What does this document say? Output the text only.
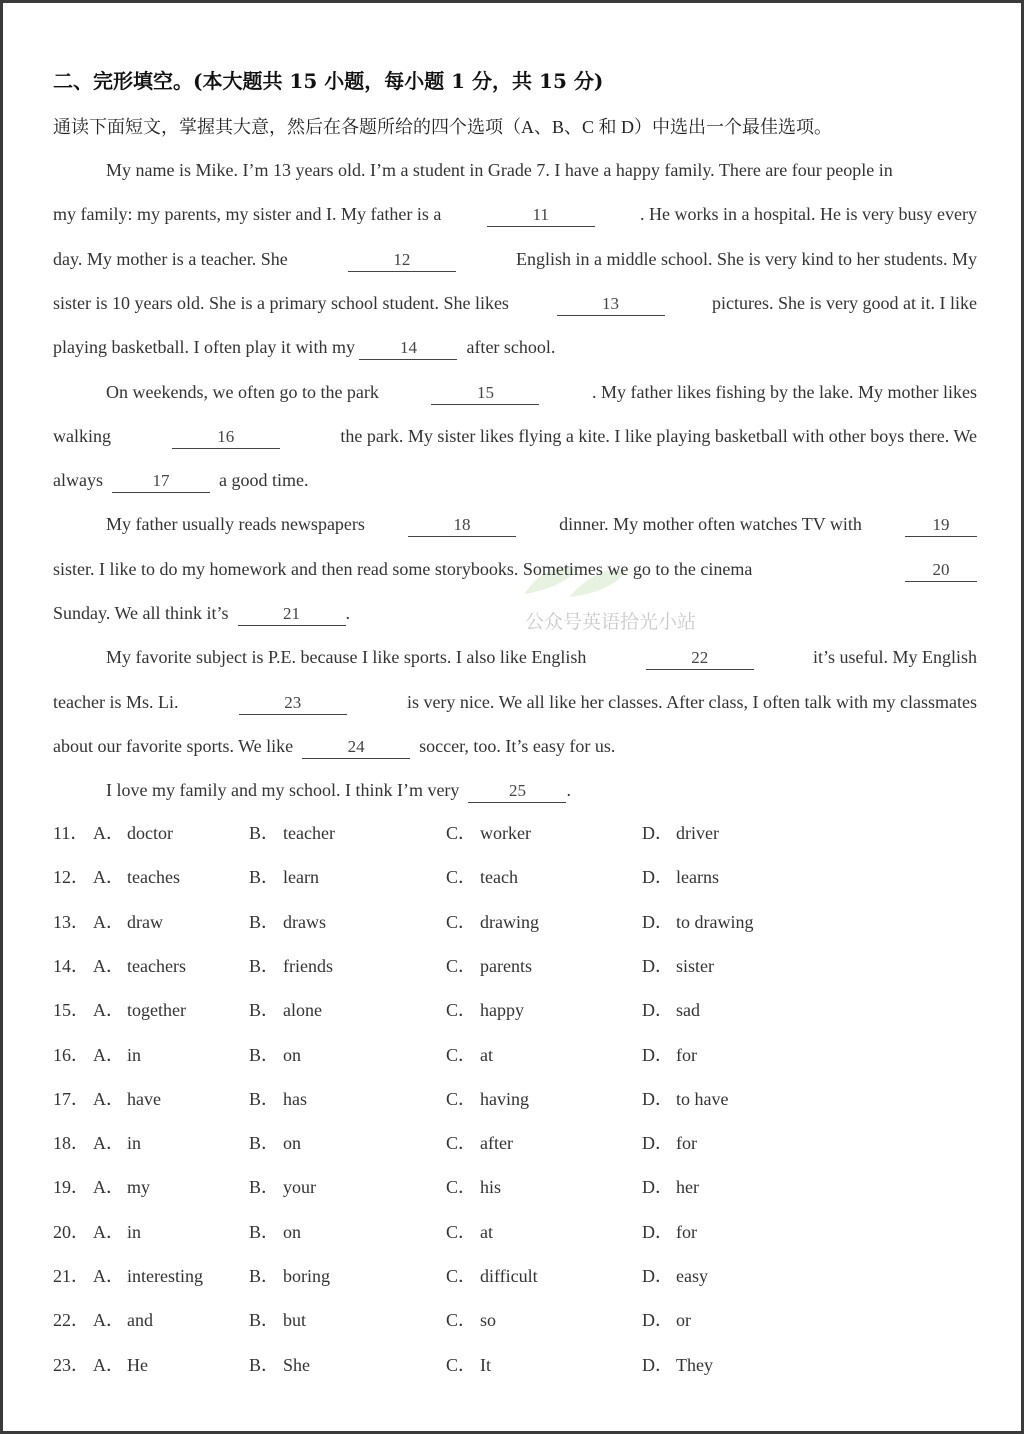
二、完形填空。(本大题共 15 小题，每小题 1 分，共 15 分)
通读下面短文，掌握其大意，然后在各题所给的四个选项（A、B、C 和 D）中选出一个最佳选项。
公众号英语拾光小站
My name is Mike. I’m 13 years old. I’m a student in Grade 7. I have a happy family. There are four people in
my family: my parents, my sister and I. My father is a	11	. He works in a hospital. He is very busy every
day. My mother is a teacher. She	12	English in a middle school. She is very kind to her students. My
sister is 10 years old. She is a primary school student. She likes	13	pictures. She is very good at it. I like
playing basketball. I often play it with my	14	after school.
On weekends, we often go to the park	15	. My father likes fishing by the lake. My mother likes
walking	16	the park. My sister likes flying a kite. I like playing basketball with other boys there. We
always	17	a good time.
My father usually reads newspapers	18	dinner. My mother often watches TV with	19
sister. I like to do my homework and then read some storybooks. Sometimes we go to the cinema	20
Sunday. We all think it’s	21	.
My favorite subject is P.E. because I like sports. I also like English	22	it’s useful. My English
teacher is Ms. Li.	23	is very nice. We all like her classes. After class, I often talk with my classmates
about our favorite sports. We like	24	soccer, too. It’s easy for us.
I love my family and my school. I think I’m very	25	.
11． A． doctor	B． teacher	C． worker	D． driver
12． A． teaches	B． learn	C． teach	D． learns
13． A． draw	B． draws	C． drawing	D． to drawing
14． A． teachers	B． friends	C． parents	D． sister
15． A． together	B． alone	C． happy	D． sad
16． A． in	B． on	C． at	D． for
17． A． have	B． has	C． having	D． to have
18． A． in	B． on	C． after	D． for
19． A． my	B． your	C． his	D． her
20． A． in	B． on	C． at	D． for
21． A． interesting	B． boring	C． difficult	D． easy
22． A． and	B． but	C． so	D． or
23． A． He	B． She	C． It	D． They
